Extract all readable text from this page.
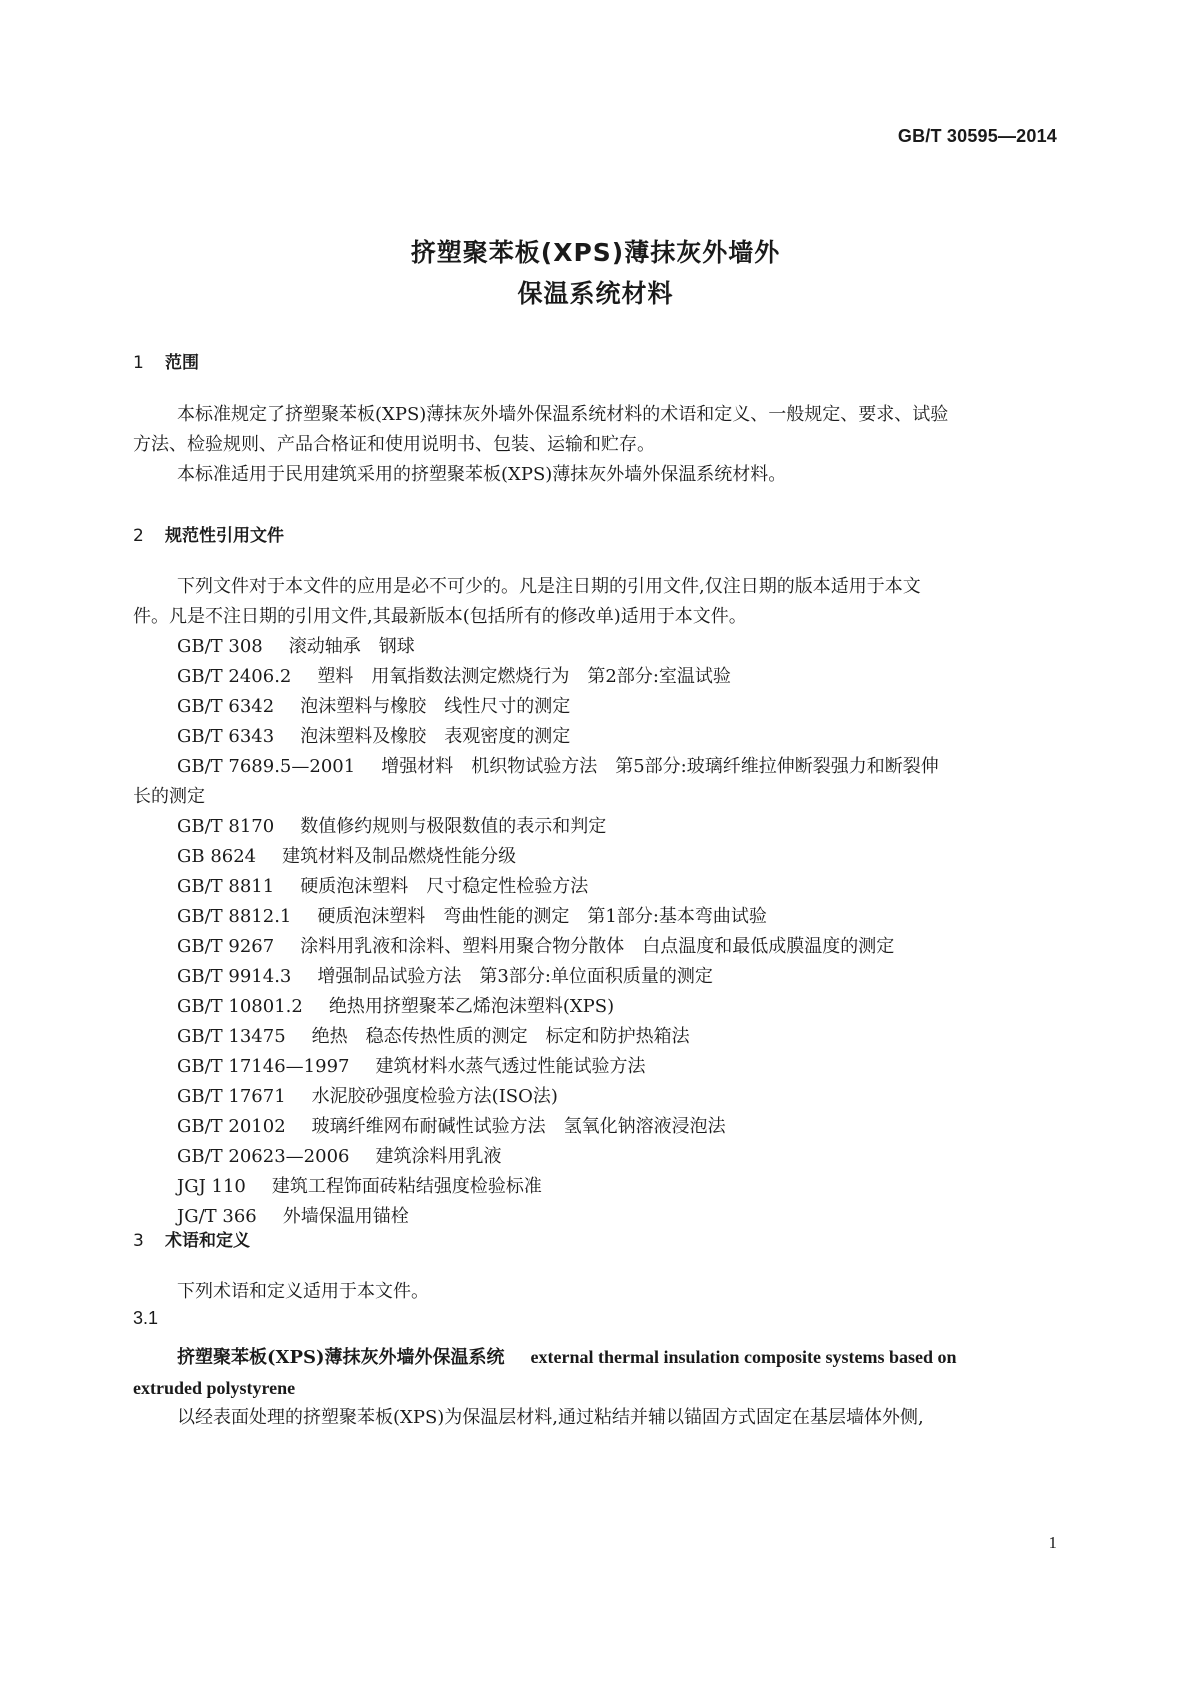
GB/T 30595—2014
挤塑聚苯板(XPS)薄抹灰外墙外
保温系统材料
1 范围

本标准规定了挤塑聚苯板(XPS)薄抹灰外墙外保温系统材料的术语和定义、一般规定、要求、试验

方法、检验规则、产品合格证和使用说明书、包装、运输和贮存。

本标准适用于民用建筑采用的挤塑聚苯板(XPS)薄抹灰外墙外保温系统材料。

2 规范性引用文件

下列文件对于本文件的应用是必不可少的。凡是注日期的引用文件,仅注日期的版本适用于本文

件。凡是不注日期的引用文件,其最新版本(包括所有的修改单)适用于本文件。

GB/T 308 滚动轴承　钢球
GB/T 2406.2 塑料　用氧指数法测定燃烧行为　第2部分:室温试验
GB/T 6342 泡沫塑料与橡胶　线性尺寸的测定
GB/T 6343 泡沫塑料及橡胶　表观密度的测定
GB/T 7689.5—2001 增强材料　机织物试验方法　第5部分:玻璃纤维拉伸断裂强力和断裂伸
长的测定
GB/T 8170 数值修约规则与极限数值的表示和判定
GB 8624 建筑材料及制品燃烧性能分级
GB/T 8811 硬质泡沫塑料　尺寸稳定性检验方法
GB/T 8812.1 硬质泡沫塑料　弯曲性能的测定　第1部分:基本弯曲试验
GB/T 9267 涂料用乳液和涂料、塑料用聚合物分散体　白点温度和最低成膜温度的测定
GB/T 9914.3 增强制品试验方法　第3部分:单位面积质量的测定
GB/T 10801.2 绝热用挤塑聚苯乙烯泡沫塑料(XPS)
GB/T 13475 绝热　稳态传热性质的测定　标定和防护热箱法
GB/T 17146—1997 建筑材料水蒸气透过性能试验方法
GB/T 17671 水泥胶砂强度检验方法(ISO法)
GB/T 20102 玻璃纤维网布耐碱性试验方法　氢氧化钠溶液浸泡法
GB/T 20623—2006 建筑涂料用乳液
JGJ 110 建筑工程饰面砖粘结强度检验标准
JG/T 366 外墙保温用锚栓
3 术语和定义

下列术语和定义适用于本文件。

3.1
挤塑聚苯板(XPS)薄抹灰外墙外保温系统 external thermal insulation composite systems based on
extruded polystyrene
以经表面处理的挤塑聚苯板(XPS)为保温层材料,通过粘结并辅以锚固方式固定在基层墙体外侧,
1
